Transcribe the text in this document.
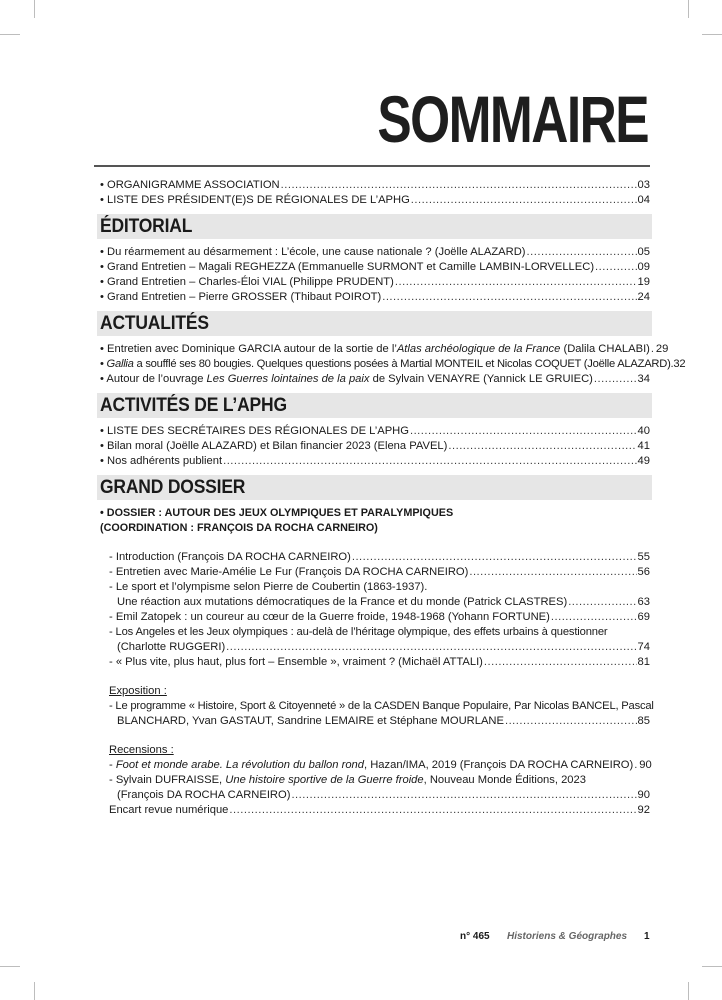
SOMMAIRE
• ORGANIGRAMME ASSOCIATION .....	03
• LISTE DES PRÉSIDENT(E)S DE RÉGIONALES DE L’APHG .....	04
ÉDITORIAL
• Du réarmement au désarmement : L’école, une cause nationale ? (Joëlle ALAZARD) .....	05
• Grand Entretien – Magali REGHEZZA (Emmanuelle SURMONT et Camille LAMBIN-LORVELLEC) .....	09
• Grand Entretien – Charles-Éloi VIAL (Philippe PRUDENT) .....	19
• Grand Entretien – Pierre GROSSER (Thibaut POIROT) .....	24
ACTUALITÉS
• Entretien avec Dominique GARCIA autour de la sortie de l’Atlas archéologique de la France (Dalila CHALABI) ..... 29
• Gallia a soufflé ses 80 bougies. Quelques questions posées à Martial MONTEIL et Nicolas COQUET (Joëlle ALAZARD). 32
• Autour de l’ouvrage Les Guerres lointaines de la paix de Sylvain VENAYRE (Yannick LE GRUIEC) .....	34
ACTIVITÉS DE L’APHG
• LISTE DES SECRÉTAIRES DES RÉGIONALES DE L’APHG .....	40
• Bilan moral (Joëlle ALAZARD) et Bilan financier 2023 (Elena PAVEL) .....	41
• Nos adhérents publient .....	49
GRAND DOSSIER
• DOSSIER : AUTOUR DES JEUX OLYMPIQUES ET PARALYMPIQUES
(COORDINATION : FRANÇOIS DA ROCHA CARNEIRO)
- Introduction (François DA ROCHA CARNEIRO) .....	55
- Entretien avec Marie-Amélie Le Fur (François DA ROCHA CARNEIRO) .....	56
- Le sport et l’olympisme selon Pierre de Coubertin (1863-1937).
Une réaction aux mutations démocratiques de la France et du monde (Patrick CLASTRES) .....	63
- Emil Zatopek : un coureur au cœur de la Guerre froide, 1948-1968 (Yohann FORTUNE) .....	69
- Los Angeles et les Jeux olympiques : au-delà de l’héritage olympique, des effets urbains à questionner
(Charlotte RUGGERI) .....	74
- « Plus vite, plus haut, plus fort – Ensemble », vraiment ? (Michaël ATTALI) .....	81
Exposition :
- Le programme « Histoire, Sport & Citoyenneté » de la CASDEN Banque Populaire, Par Nicolas BANCEL, Pascal
BLANCHARD, Yvan GASTAUT, Sandrine LEMAIRE et Stéphane MOURLANE .....	85
Recensions :
- Foot et monde arabe. La révolution du ballon rond, Hazan/IMA, 2019 (François DA ROCHA CARNEIRO) ..... 90
- Sylvain DUFRAISSE, Une histoire sportive de la Guerre froide, Nouveau Monde Éditions, 2023
(François DA ROCHA CARNEIRO) .....	90
Encart revue numérique .....	92
n° 465 Historiens & Géographes 1
